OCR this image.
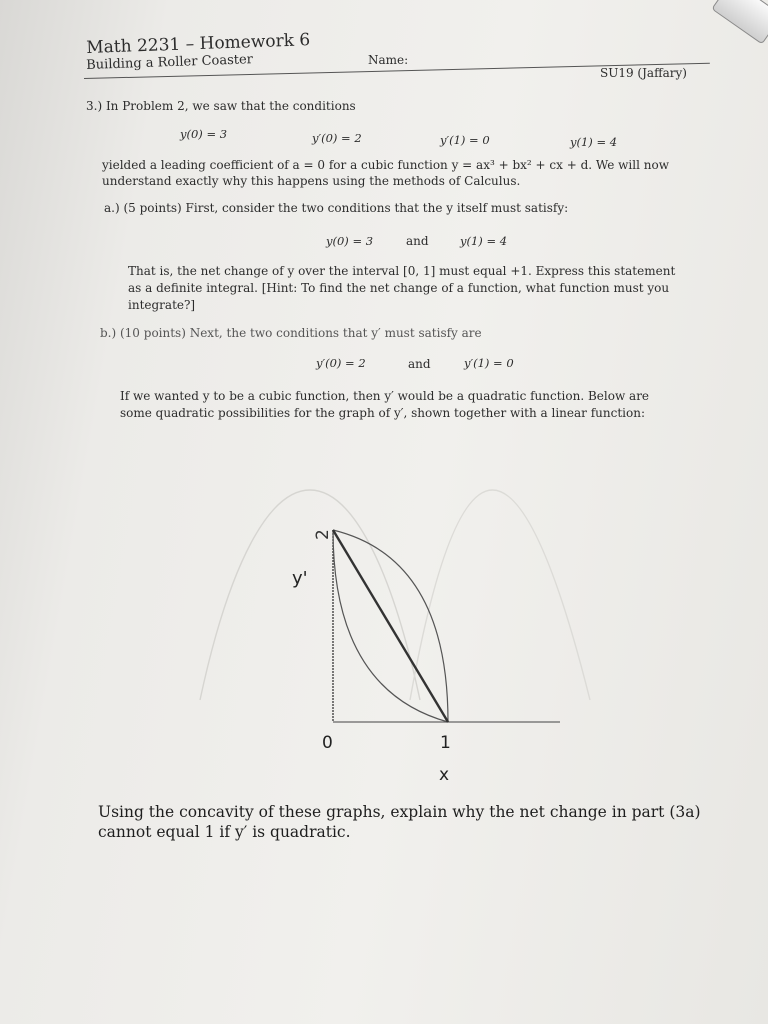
Math 2231 – Homework 6
Building a Roller Coaster	Name:
SU19 (Jaffary)
3.) In Problem 2, we saw that the conditions
y(0) = 3	y′(0) = 2	y′(1) = 0	y(1) = 4
yielded a leading coefficient of a = 0 for a cubic function y = ax³ + bx² + cx + d. We will now
understand exactly why this happens using the methods of Calculus.
a.) (5 points) First, consider the two conditions that the y itself must satisfy:
y(0) = 3	and	y(1) = 4
That is, the net change of y over the interval [0, 1] must equal +1. Express this statement
as a definite integral. [Hint: To find the net change of a function, what function must you
integrate?]
b.) (10 points) Next, the two conditions that y′ must satisfy are
y′(0) = 2	and	y′(1) = 0
If we wanted y to be a cubic function, then y′ would be a quadratic function. Below are
some quadratic possibilities for the graph of y′, shown together with a linear function:
2
y'
0	1
x
Using the concavity of these graphs, explain why the net change in part (3a) cannot equal 1 if y′ is quadratic.
